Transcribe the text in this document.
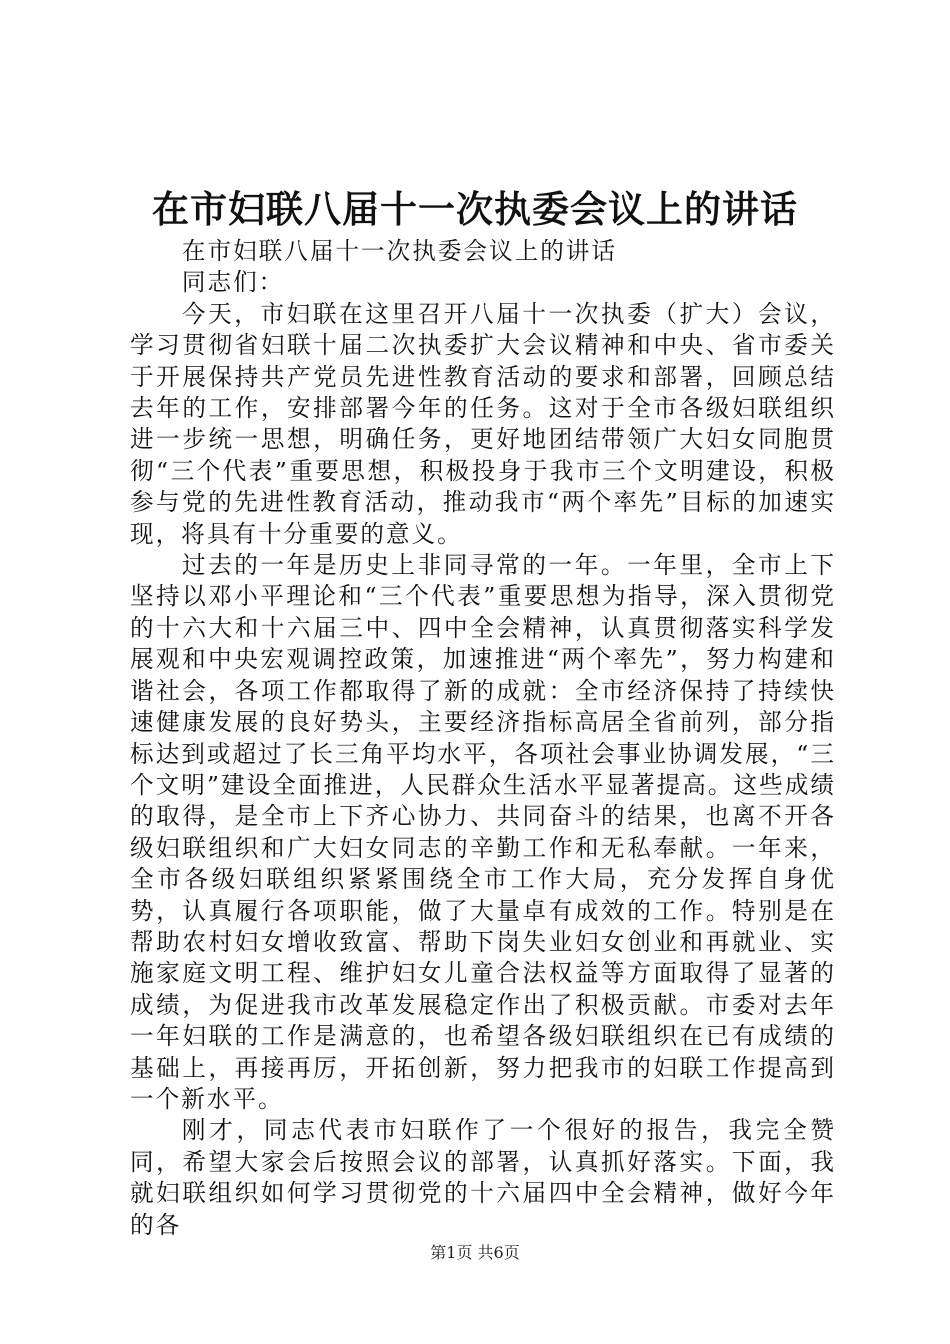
在市妇联八届十一次执委会议上的讲话

在市妇联八届十一次执委会议上的讲话

同志们：

今天，市妇联在这里召开八届十一次执委（扩大）会议，学习贯彻省妇联十届二次执委扩大会议精神和中央、省市委关于开展保持共产党员先进性教育活动的要求和部署，回顾总结去年的工作，安排部署今年的任务。这对于全市各级妇联组织进一步统一思想，明确任务，更好地团结带领广大妇女同胞贯彻“三个代表”重要思想，积极投身于我市三个文明建设，积极参与党的先进性教育活动，推动我市“两个率先”目标的加速实现，将具有十分重要的意义。

过去的一年是历史上非同寻常的一年。一年里，全市上下坚持以邓小平理论和“三个代表”重要思想为指导，深入贯彻党的十六大和十六届三中、四中全会精神，认真贯彻落实科学发展观和中央宏观调控政策，加速推进“两个率先”，努力构建和谐社会，各项工作都取得了新的成就：全市经济保持了持续快速健康发展的良好势头，主要经济指标高居全省前列，部分指标达到或超过了长三角平均水平，各项社会事业协调发展，“三个文明”建设全面推进，人民群众生活水平显著提高。这些成绩的取得，是全市上下齐心协力、共同奋斗的结果，也离不开各级妇联组织和广大妇女同志的辛勤工作和无私奉献。一年来，全市各级妇联组织紧紧围绕全市工作大局，充分发挥自身优势，认真履行各项职能，做了大量卓有成效的工作。特别是在帮助农村妇女增收致富、帮助下岗失业妇女创业和再就业、实施家庭文明工程、维护妇女儿童合法权益等方面取得了显著的成绩，为促进我市改革发展稳定作出了积极贡献。市委对去年一年妇联的工作是满意的，也希望各级妇联组织在已有成绩的基础上，再接再厉，开拓创新，努力把我市的妇联工作提高到一个新水平。

刚才，同志代表市妇联作了一个很好的报告，我完全赞同，希望大家会后按照会议的部署，认真抓好落实。下面，我就妇联组织如何学习贯彻党的十六届四中全会精神，做好今年的各

第1页 共6页
